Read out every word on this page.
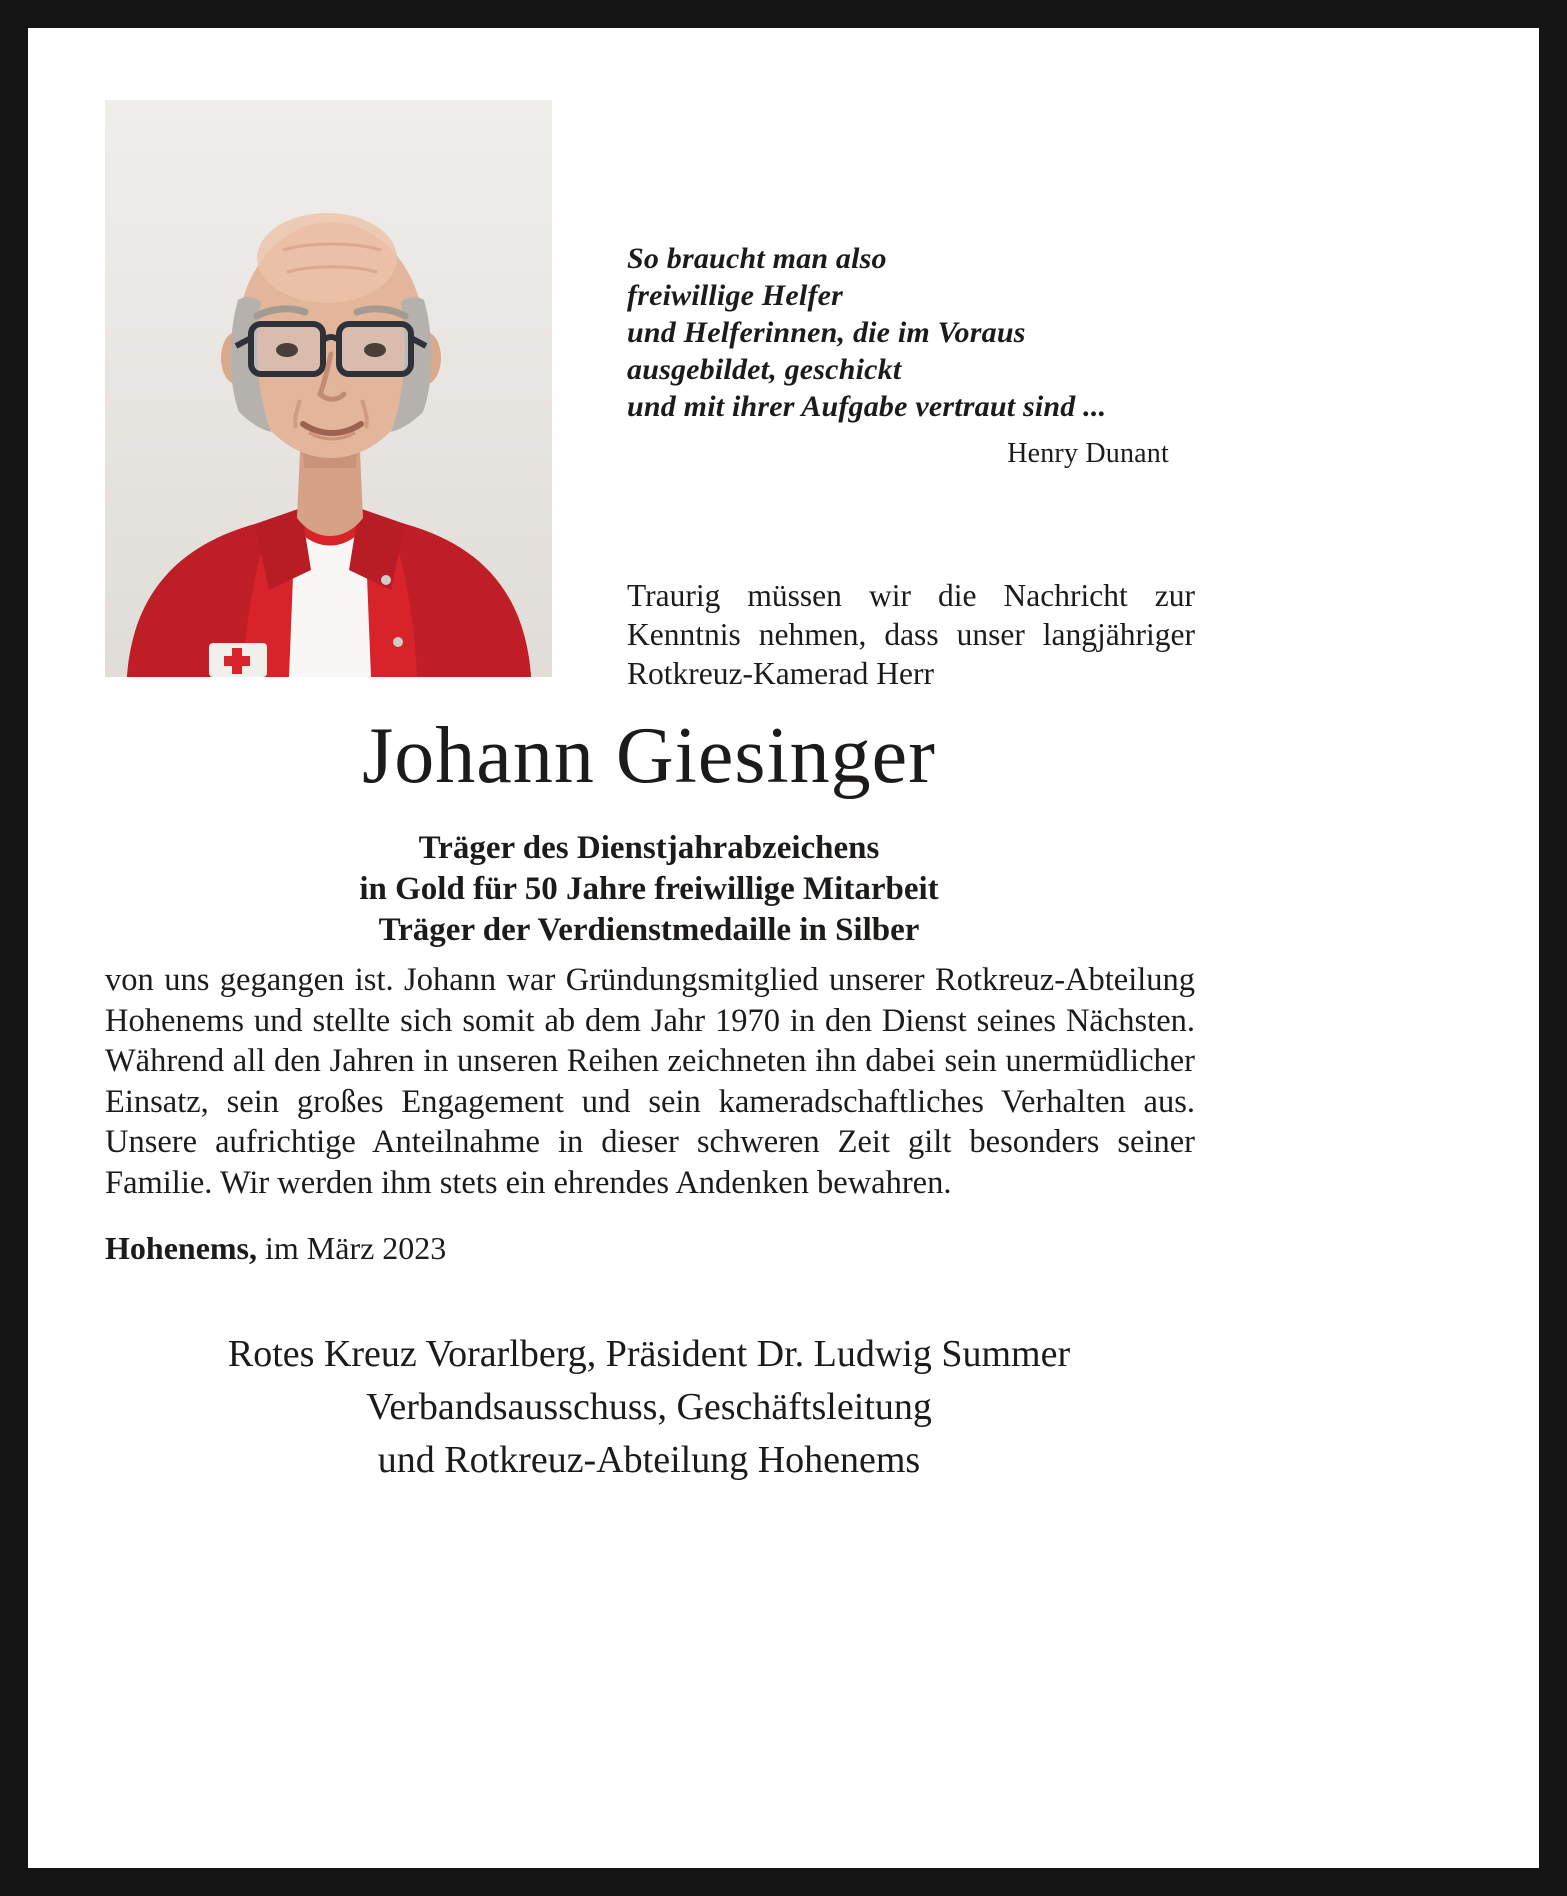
So braucht man also
freiwillige Helfer
und Helferinnen, die im Voraus
ausgebildet, geschickt
und mit ihrer Aufgabe vertraut sind ...
Henry Dunant

Traurig müssen wir die Nachricht zur Kenntnis nehmen, dass unser langjähriger Rotkreuz-Kamerad Herr

Johann Giesinger
Träger des Dienstjahrabzeichens
in Gold für 50 Jahre freiwillige Mitarbeit
Träger der Verdienstmedaille in Silber

von uns gegangen ist. Johann war Gründungsmitglied unserer Rotkreuz-Abteilung Hohenems und stellte sich somit ab dem Jahr 1970 in den Dienst seines Nächsten. Während all den Jahren in unseren Reihen zeichneten ihn dabei sein unermüdlicher Einsatz, sein großes Engagement und sein kameradschaftliches Verhalten aus. Unsere aufrichtige Anteilnahme in dieser schweren Zeit gilt besonders seiner Familie. Wir werden ihm stets ein ehrendes Andenken bewahren.

Hohenems, im März 2023
Rotes Kreuz Vorarlberg, Präsident Dr. Ludwig Summer
Verbandsausschuss, Geschäftsleitung
und Rotkreuz-Abteilung Hohenems
